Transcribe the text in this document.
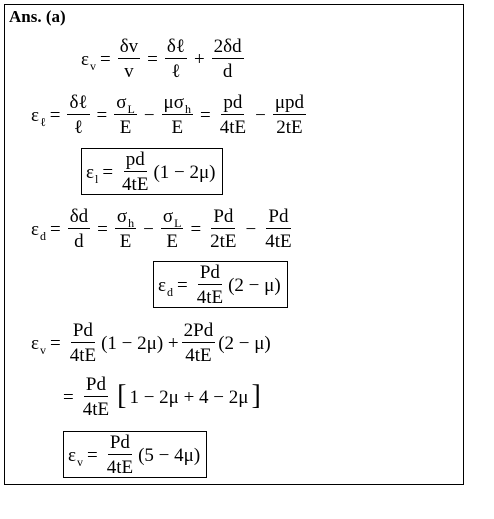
Ans. (a)
$\varepsilon_v = \frac{\delta v}{v} = \frac{\text{δℓ}}{\text{ℓ}} + \frac{2\delta d}{d}$
$\varepsilon_\ell = \frac{\text{δℓ}}{\text{ℓ}} = \frac{\sigma_L}{E} - \frac{\mu\sigma_h}{E} = \frac{pd}{4tE} - \frac{\text{μpd}}{2tE}$
$\varepsilon_l = \frac{pd}{4tE} (1 - 2\mu)$
$\varepsilon_d = \frac{\delta d}{d} = \frac{\sigma_h}{E} - \frac{\sigma_L}{E} = \frac{Pd}{2tE} - \frac{Pd}{4tE}$
$\varepsilon_d = \frac{Pd}{4tE} (2 - \mu)$
$\varepsilon_v = \frac{Pd}{4tE} (1 - 2\mu) + \frac{2Pd}{4tE} (2 - \mu)$
= $\frac{Pd}{4tE}$ [ 1 − 2μ + 4 − 2μ ]
$\varepsilon_v = \frac{Pd}{4tE} (5 - 4\mu)$
